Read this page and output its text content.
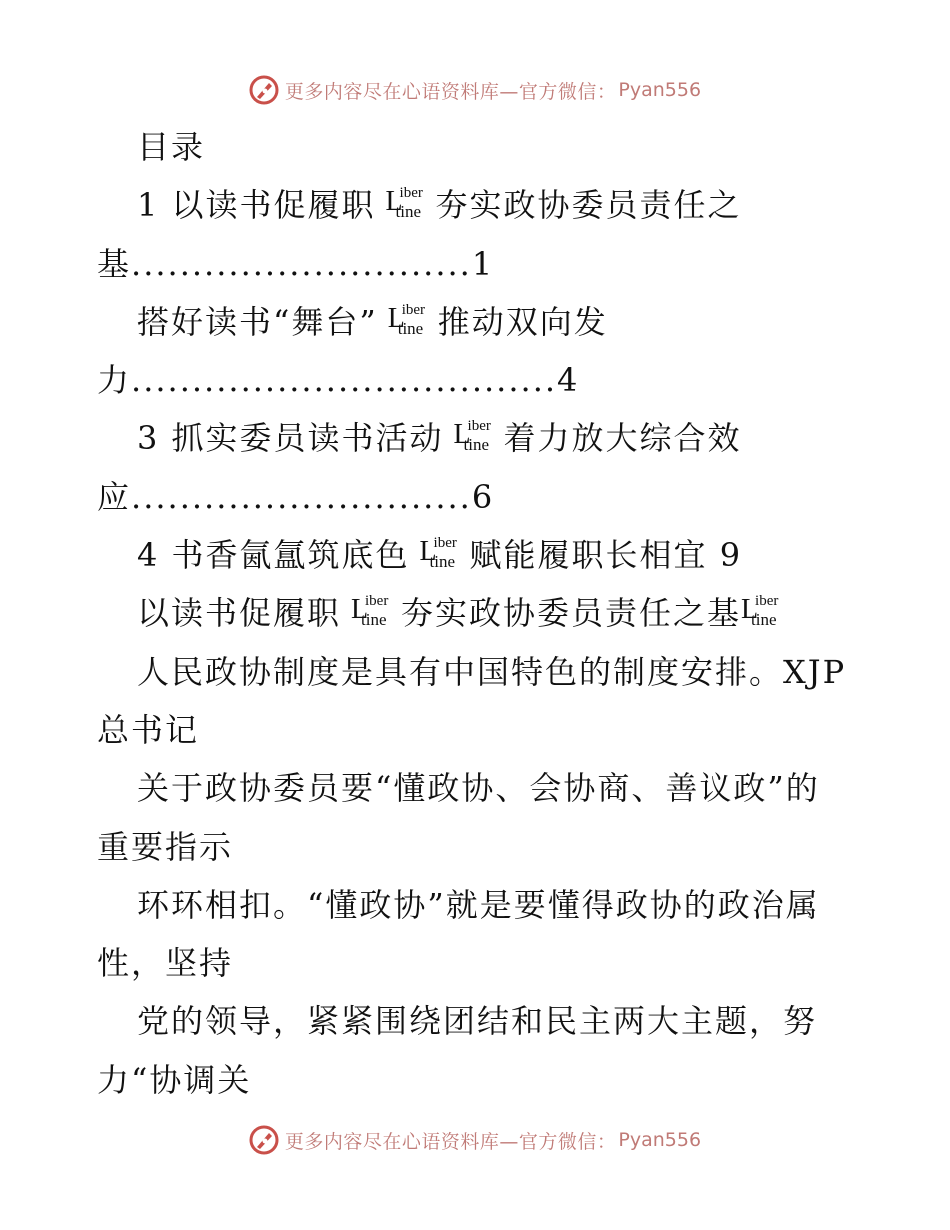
更多内容尽在心语资料库—官方微信： Pyan556
目录
1 以读书促履职 L
iber
tine 夯实政协委员责任之
基............................1
搭好读书“舞台” L
iber
tine 推动双向发
力...................................4
3 抓实委员读书活动 L
iber
tine 着力放大综合效
应............................6
4 书香氤氲筑底色 L
iber
tine 赋能履职长相宜 9
以读书促履职 L
iber
tine 夯实政协委员责任之基 L
iber
tine
人民政协制度是具有中国特色的制度安排。XJP
总书记
关于政协委员要“懂政协、会协商、善议政”的
重要指示
环环相扣。“懂政协”就是要懂得政协的政治属
性，坚持
党的领导，紧紧围绕团结和民主两大主题，努
力“协调关
更多内容尽在心语资料库—官方微信： Pyan556
